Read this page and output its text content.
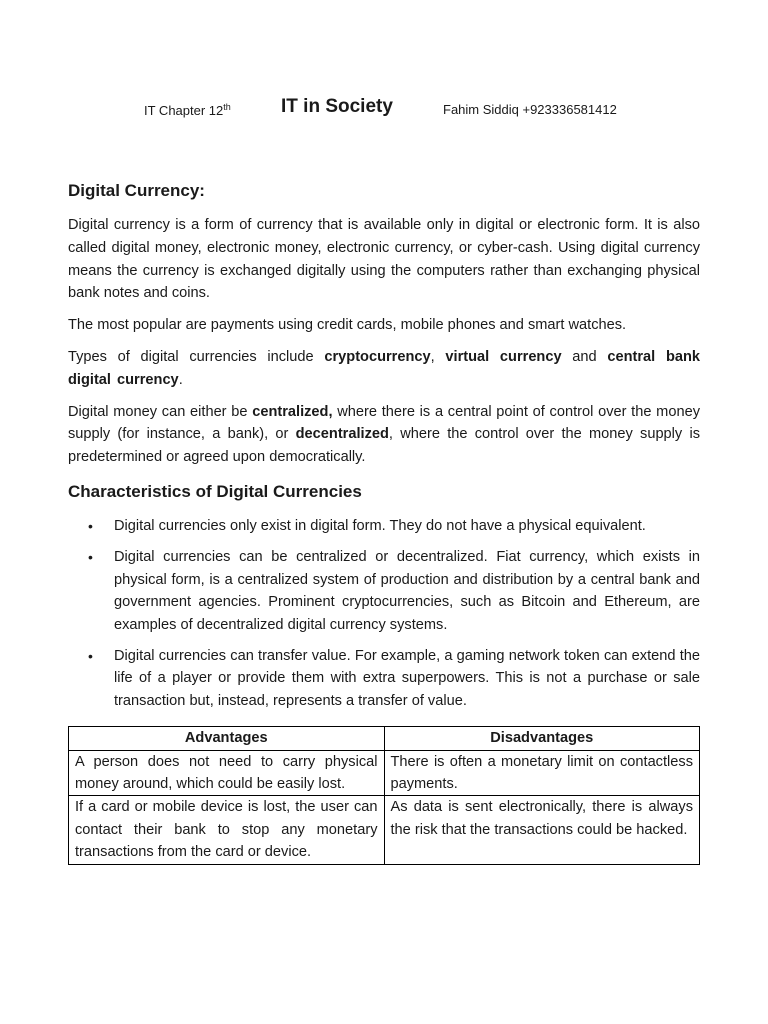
IT Chapter 12th	IT in Society	Fahim Siddiq +923336581412
Digital Currency:

Digital currency is a form of currency that is available only in digital or electronic form. It is also called digital money, electronic money, electronic currency, or cyber-cash. Using digital currency means the currency is exchanged digitally using the computers rather than exchanging physical bank notes and coins.

The most popular are payments using credit cards, mobile phones and smart watches.

Types of digital currencies include cryptocurrency, virtual currency and central bank digital currency.

Digital money can either be centralized, where there is a central point of control over the money supply (for instance, a bank), or decentralized, where the control over the money supply is predetermined or agreed upon democratically.

Characteristics of Digital Currencies
• Digital currencies only exist in digital form. They do not have a physical equivalent.
• Digital currencies can be centralized or decentralized. Fiat currency, which exists in physical form, is a centralized system of production and distribution by a central bank and government agencies. Prominent cryptocurrencies, such as Bitcoin and Ethereum, are examples of decentralized digital currency systems.
• Digital currencies can transfer value. For example, a gaming network token can extend the life of a player or provide them with extra superpowers. This is not a purchase or sale transaction but, instead, represents a transfer of value.
Advantages	Disadvantages
A person does not need to carry physical money around, which could be easily lost.	There is often a monetary limit on contactless payments.
If a card or mobile device is lost, the user can contact their bank to stop any monetary transactions from the card or device.	As data is sent electronically, there is always the risk that the transactions could be hacked.
